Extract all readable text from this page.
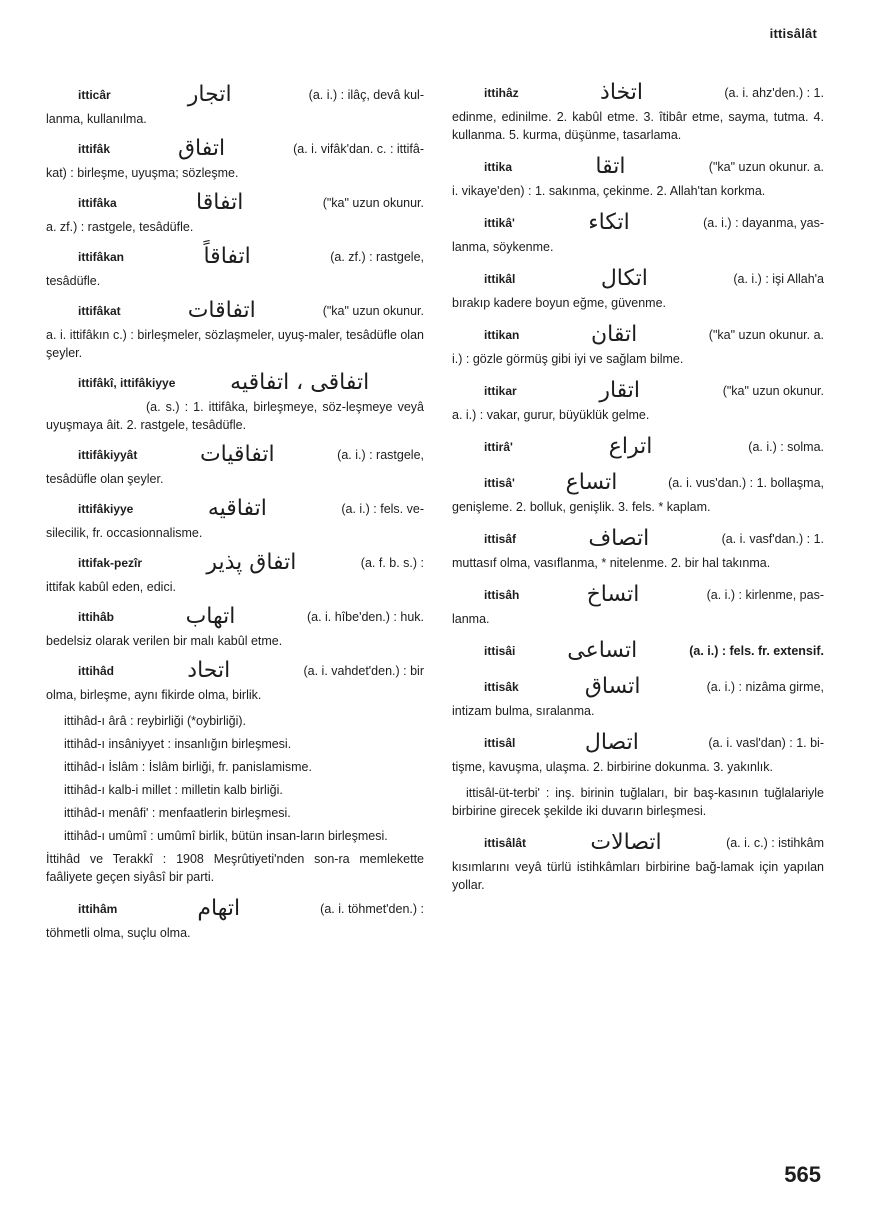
ittisâlât
itticâr	اتجار	(a. i.) : ilâç, devâ kul-
lanma, kullanılma.
ittifâk	اتفاق	(a. i. vifâk'dan. c. : ittifâ-
kat) : birleşme, uyuşma; sözleşme.
ittifâka	اتفاقا	("ka" uzun okunur.
a. zf.) : rastgele, tesâdüfle.
ittifâkan	اتفاقاً	(a. zf.) : rastgele,
tesâdüfle.
ittifâkat	اتفاقات	("ka" uzun okunur.
a. i. ittifâkın c.) : birleşmeler, sözlaşmeler, uyuş-maler, tesâdüfle olan şeyler.
ittifâkî, ittifâkiyye	اتفاقى ، اتفاقيه
(a. s.) : 1. ittifâka, birleşmeye, söz-leşmeye veyâ uyuşmaya âit. 2. rastgele, tesâdüfle.
ittifâkiyyât	اتفاقيات	(a. i.) : rastgele,
tesâdüfle olan şeyler.
ittifâkiyye	اتفاقيه	(a. i.) : fels. ve-
silecilik, fr. occasionnalisme.
ittifak-pezîr	اتفاق پذير	(a. f. b. s.) :
ittifak kabûl eden, edici.
ittihâb	اتهاب	(a. i. hîbe'den.) : huk.
bedelsiz olarak verilen bir malı kabûl etme.
ittihâd	اتحاد	(a. i. vahdet'den.) : bir
olma, birleşme, aynı fikirde olma, birlik.
ittihâd-ı ârâ : reybirliği (*oybirliği).
ittihâd-ı insâniyyet : insanlığın birleşmesi.
ittihâd-ı İslâm : İslâm birliği, fr. panislamisme.
ittihâd-ı kalb-i millet : milletin kalb birliği.
ittihâd-ı menâfi' : menfaatlerin birleşmesi.
ittihâd-ı umûmî : umûmî birlik, bütün insan-ların birleşmesi.
İttihâd ve Terakkî : 1908 Meşrûtiyeti'nden son-ra memlekette faâliyete geçen siyâsî bir parti.
ittihâm	اتهام	(a. i. töhmet'den.) :
töhmetli olma, suçlu olma.
ittihâz	اتخاذ	(a. i. ahz'den.) : 1.
edinme, edinilme. 2. kabûl etme. 3. îtibâr etme, sayma, tutma. 4. kullanma. 5. kurma, düşünme, tasarlama.
ittika	اتقا	("ka" uzun okunur. a.
i. vikaye'den) : 1. sakınma, çekinme. 2. Allah'tan korkma.
ittikâ'	اتكاء	(a. i.) : dayanma, yas-
lanma, söykenme.
ittikâl	اتكال	(a. i.) : işi Allah'a
bırakıp kadere boyun eğme, güvenme.
ittikan	اتقان	("ka" uzun okunur. a.
i.) : gözle görmüş gibi iyi ve sağlam bilme.
ittikar	اتقار	("ka" uzun okunur.
a. i.) : vakar, gurur, büyüklük gelme.
ittirâ'	اتراع	(a. i.) : solma.
ittisâ'	اتساع	(a. i. vus'dan.) : 1. bollaşma,
genişleme. 2. bolluk, genişlik. 3. fels. * kaplam.
ittisâf	اتصاف	(a. i. vasf'dan.) : 1.
muttasıf olma, vasıflanma, * nitelenme. 2. bir hal takınma.
ittisâh	اتساخ	(a. i.) : kirlenme, pas-
lanma.
ittisâi	اتساعى	(a. i.) : fels. fr. extensif.
ittisâk	اتساق	(a. i.) : nizâma girme,
intizam bulma, sıralanma.
ittisâl	اتصال	(a. i. vasl'dan) : 1. bi-
tişme, kavuşma, ulaşma. 2. birbirine dokunma. 3. yakınlık.
ittisâl-üt-terbi' : inş. birinin tuğlaları, bir baş-kasının tuğlalariyle birbirine girecek şekilde iki duvarın birleşmesi.
ittisâlât	اتصالات	(a. i. c.) : istihkâm
kısımlarını veyâ türlü istihkâmları birbirine bağ-lamak için yapılan yollar.
565
